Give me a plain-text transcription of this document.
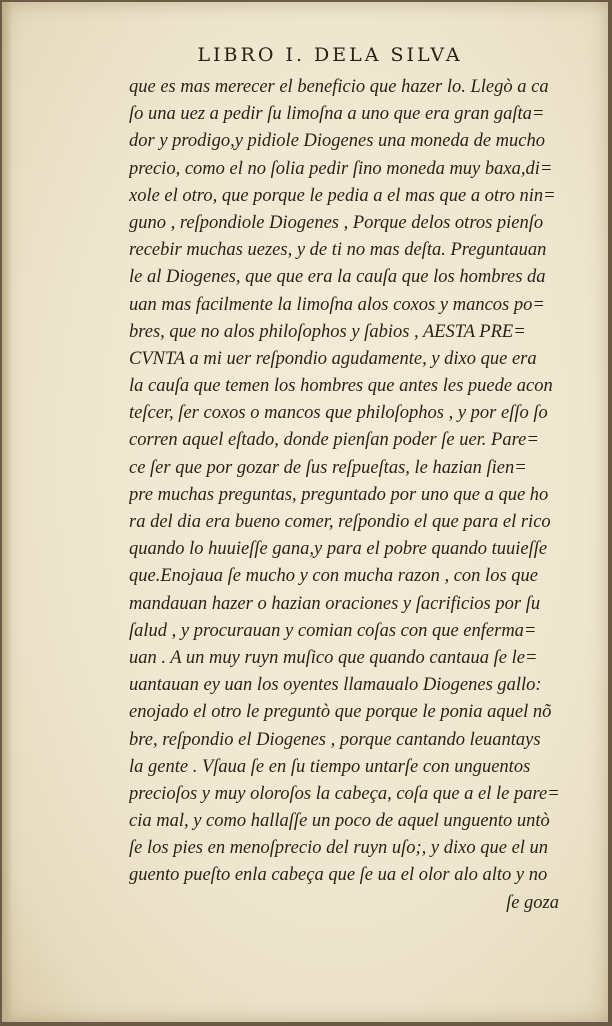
LIBRO I. DELA SILVA
que es mas merecer el beneficio que hazer lo. Llegò a ca
ſo una uez a pedir ſu limoſna a uno que era gran gaſta=
dor y prodigo,y pidiole Diogenes una moneda de mucho
precio, como el no ſolia pedir ſino moneda muy baxa,di=
xole el otro, que porque le pedia a el mas que a otro nin=
guno , reſpondiole Diogenes , Porque delos otros pienſo
recebir muchas uezes, y de ti no mas deſta. Preguntauan
le al Diogenes, que que era la cauſa que los hombres da
uan mas facilmente la limoſna alos coxos y mancos po=
bres, que no alos philoſophos y ſabios , AESTA PRE=
CVNTA a mi uer reſpondio agudamente, y dixo que era
la cauſa que temen los hombres que antes les puede acon
teſcer, ſer coxos o mancos que philoſophos , y por eſſo ſo
corren aquel eſtado, donde pienſan poder ſe uer. Pare=
ce ſer que por gozar de ſus reſpueſtas, le hazian ſien=
pre muchas preguntas, preguntado por uno que a que ho
ra del dia era bueno comer, reſpondio el que para el rico
quando lo huuieſſe gana,y para el pobre quando tuuieſſe
que.Enojaua ſe mucho y con mucha razon , con los que
mandauan hazer o hazian oraciones y ſacrificios por ſu
ſalud , y procurauan y comian coſas con que enferma=
uan . A un muy ruyn muſico que quando cantaua ſe le=
uantauan ey uan los oyentes llamaualo Diogenes gallo:
enojado el otro le preguntò que porque le ponia aquel nõ
bre, reſpondio el Diogenes , porque cantando leuantays
la gente . Vſaua ſe en ſu tiempo untarſe con unguentos
precioſos y muy oloroſos la cabeça, coſa que a el le pare=
cia mal, y como hallaſſe un poco de aquel unguento untò
ſe los pies en menoſprecio del ruyn uſo;, y dixo que el un
guento pueſto enla cabeça que ſe ua el olor alo alto y no
ſe goza
